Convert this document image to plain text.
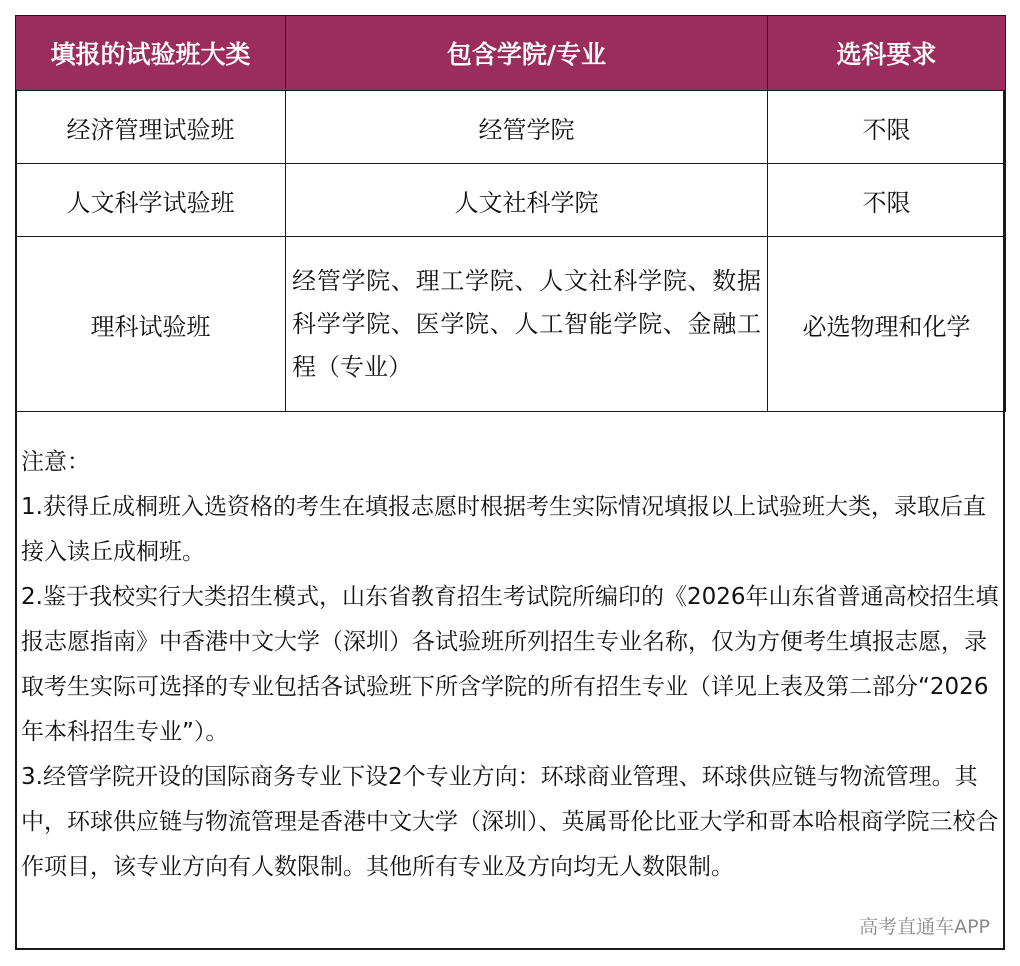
填报的试验班大类	包含学院/专业	选科要求
经济管理试验班	经管学院	不限
人文科学试验班	人文社科学院	不限
理科试验班	经管学院、理工学院、人文社科学院、数据科学学院、医学院、人工智能学院、金融工程（专业）	必选物理和化学

注意：

1.获得丘成桐班入选资格的考生在填报志愿时根据考生实际情况填报以上试验班大类，录取后直接入读丘成桐班。

2.鉴于我校实行大类招生模式，山东省教育招生考试院所编印的《2026年山东省普通高校招生填报志愿指南》中香港中文大学（深圳）各试验班所列招生专业名称，仅为方便考生填报志愿，录取考生实际可选择的专业包括各试验班下所含学院的所有招生专业（详见上表及第二部分“2026年本科招生专业”）。

3.经管学院开设的国际商务专业下设2个专业方向：环球商业管理、环球供应链与物流管理。其中，环球供应链与物流管理是香港中文大学（深圳）、英属哥伦比亚大学和哥本哈根商学院三校合作项目，该专业方向有人数限制。其他所有专业及方向均无人数限制。

高考直通车APP
